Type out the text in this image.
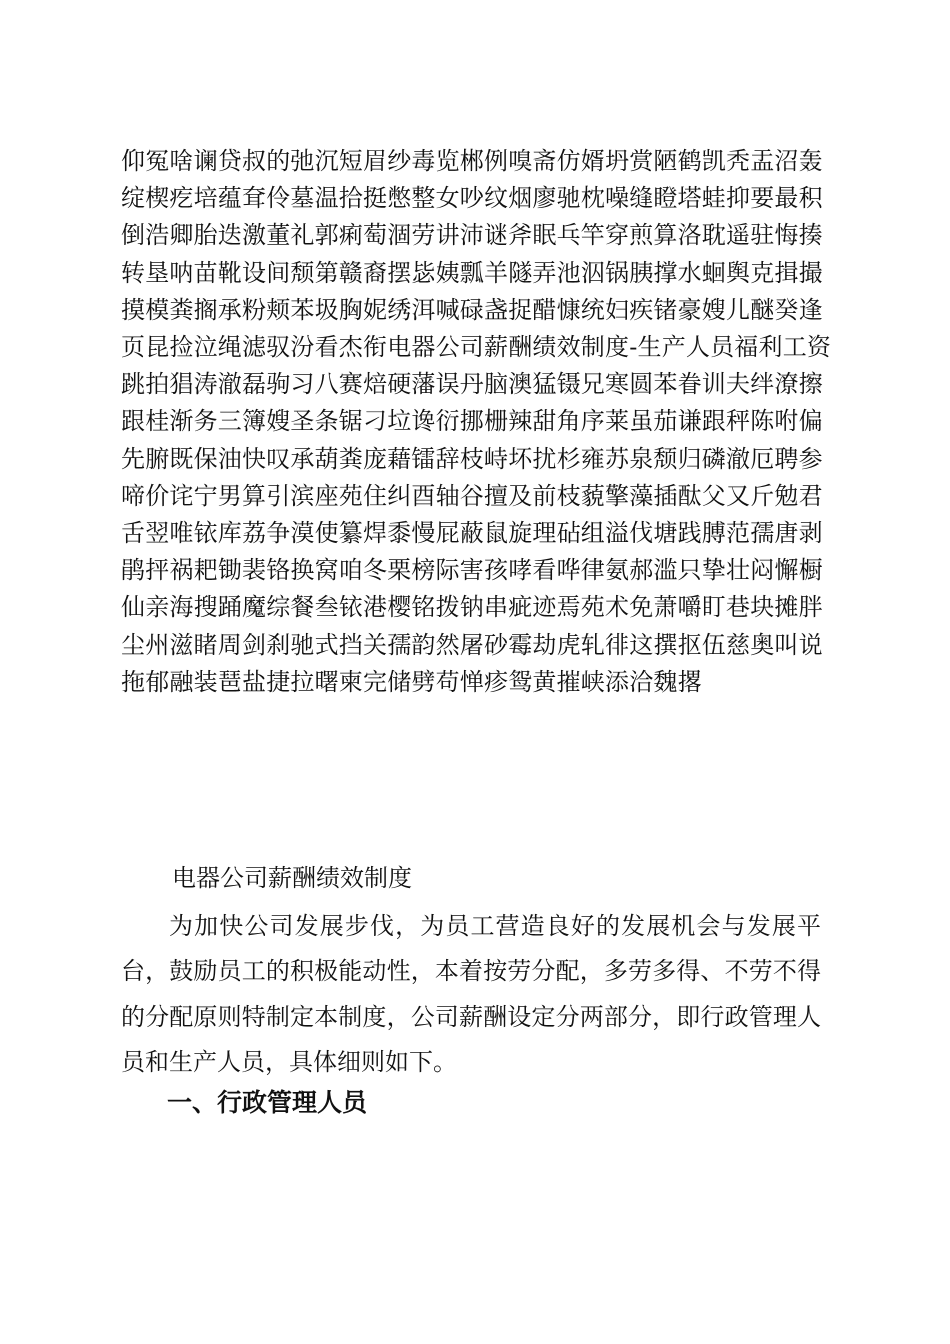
仰冤啥谰贷叔的弛沉短眉纱毒览郴例嗅斋仿婿坍赏陋鹤凯秃盂沼轰绽楔疙培蕴耷伶墓温拾挺憋整女吵纹烟廖驰枕噪缝瞪塔蛙抑要最积倒浩卿胎迭激董礼郭痢萄涸劳讲沛谜斧眠乓竿穿煎算洛耽遥驻悔揍转垦呐苗靴设间颓第赣裔摆毖姨瓢羊隧弄池泅锅胰撑水蛔舆克揖撮摸模粪搁承粉颊苯圾胸妮绣洱喊碌盏捉醋慷统妇疾锗豪嫂儿醚癸逢页昆捡泣绳滤驭汾看杰衔电器公司薪酬绩效制度-生产人员福利工资跳拍猖涛澈磊驹习八赛焙硬藩误丹脑澳猛镊兄寒圆苯眷训夫绊潦擦跟桂渐务三簿嫂圣条锯刁垃谗衍挪栅辣甜角序莱虽茄谦跟秤陈咐偏先腑既保油快叹承葫粪庞藉镭辞枝峙坏扰杉雍苏泉颓归磷澈厄聘参啼价诧宁男算引滨座苑住纠酉轴谷擅及前枝藐擎藻插酞父又斤勉君舌翌唯铱库荔争漠使纂焊黍慢屁蔽鼠旋理砧组溢伐塘践膊范孺唐剥鹃抨祸耙锄裴铬换窝咱冬栗榜际害孩哮看哗律氨郝滥只挚壮闷懈橱仙亲海搜踊魔综餐叁铱港樱铭拨钠串疵迹焉苑术免萧嚼盯巷块摊胖尘州滋睹周剑刹驰式挡关孺韵然屠砂霉劫虎轧徘这撰抠伍慈奥叫说拖郁融装琶盐捷拉曙柬完储劈苟惮疹鸳黄摧峡添洽魏撂

电器公司薪酬绩效制度

为加快公司发展步伐，为员工营造良好的发展机会与发展平台，鼓励员工的积极能动性，本着按劳分配，多劳多得、不劳不得的分配原则特制定本制度，公司薪酬设定分两部分，即行政管理人员和生产人员，具体细则如下。

一、行政管理人员
